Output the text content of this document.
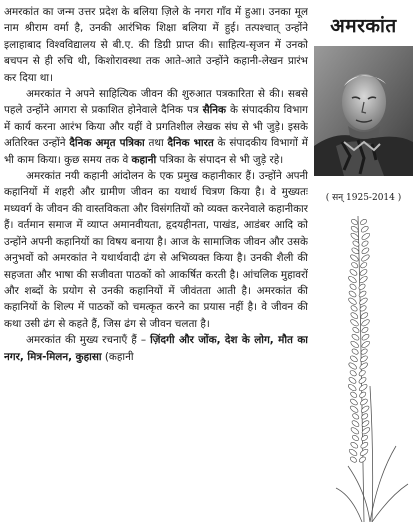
अमरकांत का जन्म उत्तर प्रदेश के बलिया ज़िले के नगरा गाँव में हुआ। उनका मूल नाम श्रीराम वर्मा है, उनकी आरंभिक शिक्षा बलिया में हुई। तत्पश्चात् उन्होंने इलाहाबाद विश्वविद्यालय से बी.ए. की डिग्री प्राप्त की। साहित्य-सृजन में उनको बचपन से ही रुचि थी, किशोरावस्था तक आते-आते उन्होंने कहानी-लेखन प्रारंभ कर दिया था।

अमरकांत ने अपने साहित्यिक जीवन की शुरुआत पत्रकारिता से की। सबसे पहले उन्होंने आगरा से प्रकाशित होनेवाले दैनिक पत्र सैनिक के संपादकीय विभाग में कार्य करना आरंभ किया और यहीं वे प्रगतिशील लेखक संघ से भी जुड़े। इसके अतिरिक्त उन्होंने दैनिक अमृत पत्रिका तथा दैनिक भारत के संपादकीय विभागों में भी काम किया। कुछ समय तक वे कहानी पत्रिका के संपादन से भी जुड़े रहे।

अमरकांत नयी कहानी आंदोलन के एक प्रमुख कहानीकार हैं। उन्होंने अपनी कहानियों में शहरी और ग्रामीण जीवन का यथार्थ चित्रण किया है। वे मुख्यतः मध्यवर्ग के जीवन की वास्तविकता और विसंगतियों को व्यक्त करनेवाले कहानीकार हैं। वर्तमान समाज में व्याप्त अमानवीयता, हृदयहीनता, पाखंड, आडंबर आदि को उन्होंने अपनी कहानियों का विषय बनाया है। आज के सामाजिक जीवन और उसके अनुभवों को अमरकांत ने यथार्थवादी ढंग से अभिव्यक्त किया है। उनकी शैली की सहजता और भाषा की सजीवता पाठकों को आकर्षित करती है। आंचलिक मुहावरों और शब्दों के प्रयोग से उनकी कहानियों में जीवंतता आती है। अमरकांत की कहानियों के शिल्प में पाठकों को चमत्कृत करने का प्रयास नहीं है। वे जीवन की कथा उसी ढंग से कहते हैं, जिस ढंग से जीवन चलता है।

अमरकांत की मुख्य रचनाएँ हैं – ज़िंदगी और जोंक, देश के लोग, मौत का नगर, मित्र-मिलन, कुहासा (कहानी

अमरकांत
( सन् 1925-2014 )
